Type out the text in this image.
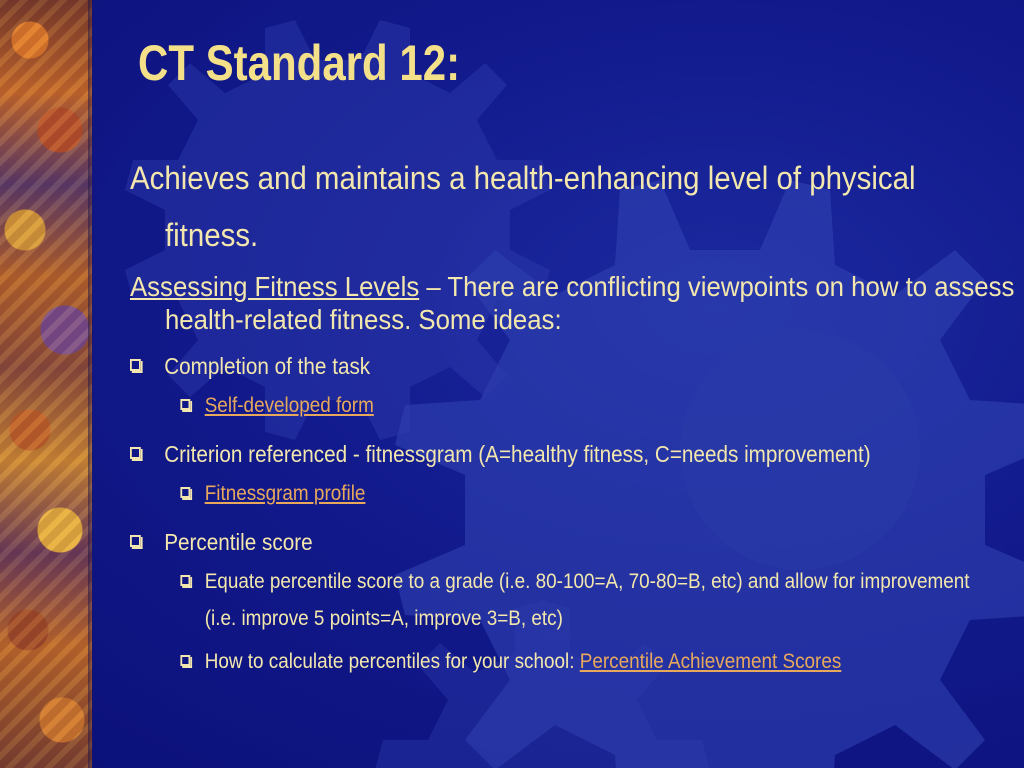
CT Standard 12:

Achieves and maintains a health-enhancing level of physical fitness.

Assessing Fitness Levels – There are conflicting viewpoints on how to assess health-related fitness. Some ideas:

Completion of the task
Self-developed form
Criterion referenced - fitnessgram (A=healthy fitness, C=needs improvement)
Fitnessgram profile
Percentile score
Equate percentile score to a grade (i.e. 80-100=A, 70-80=B, etc) and allow for improvement (i.e. improve 5 points=A, improve 3=B, etc)
How to calculate percentiles for your school: Percentile Achievement Scores
